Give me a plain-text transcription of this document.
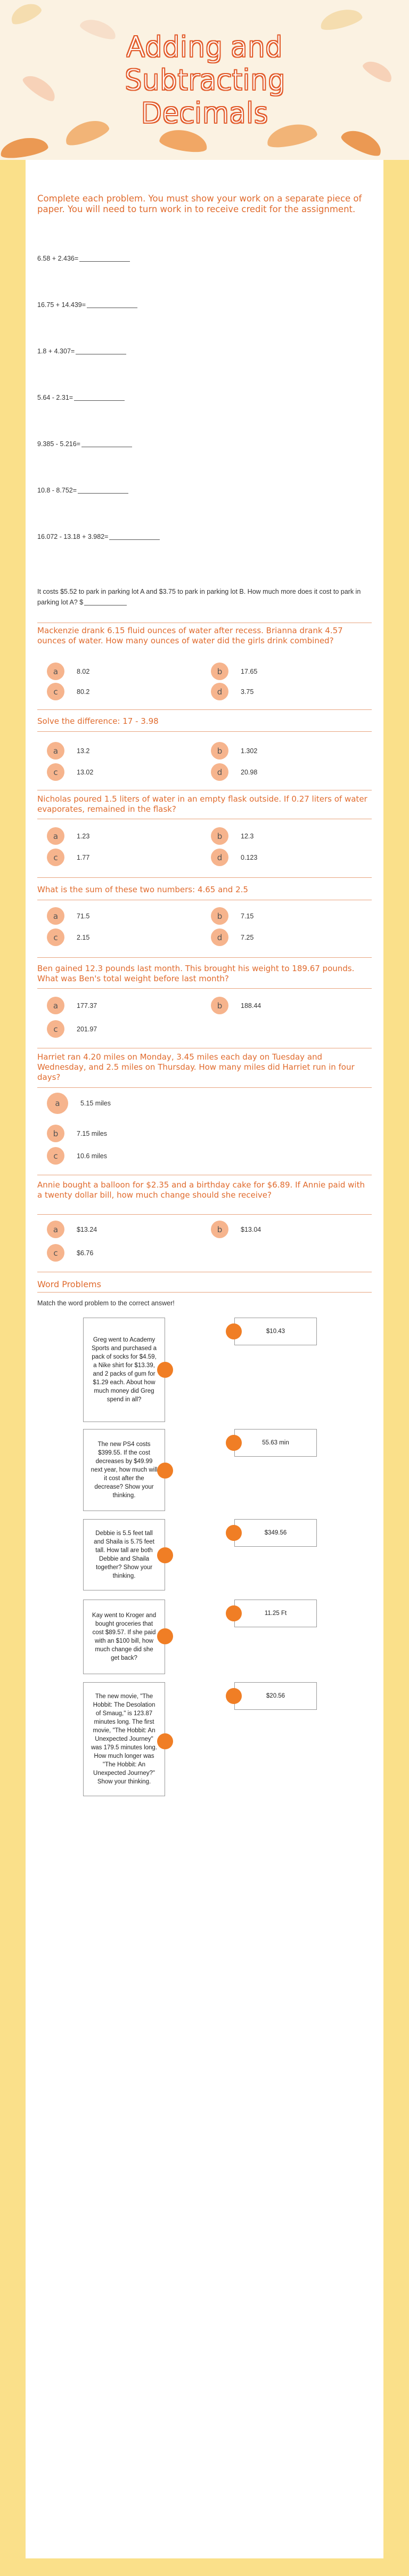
Adding and
Subtracting
Decimals
Complete each problem. You must show your work on a separate piece of paper. You will need to turn work in to receive credit for the assignment.
6.58 + 2.436=
16.75 + 14.439=
1.8 + 4.307=
5.64 - 2.31=
9.385 - 5.216=
10.8 - 8.752=
16.072 - 13.18 + 3.982=
It costs $5.52 to park in parking lot A and $3.75 to park in parking lot B. How much more does it cost to park in parking lot A? $
Mackenzie drank 6.15 fluid ounces of water after recess. Brianna drank 4.57 ounces of water. How many ounces of water did the girls drink combined?
a	8.02	b	17.65
c	80.2	d	3.75
Solve the difference: 17 - 3.98
a	13.2	b	1.302
c	13.02	d	20.98
Nicholas poured 1.5 liters of water in an empty flask outside. If 0.27 liters of water evaporates, remained in the flask?
a	1.23	b	12.3
c	1.77	d	0.123
What is the sum of these two numbers: 4.65 and 2.5
a	71.5	b	7.15
c	2.15	d	7.25
Ben gained 12.3 pounds last month. This brought his weight to 189.67 pounds. What was Ben's total weight before last month?
a	177.37	b	188.44
c	201.97
Harriet ran 4.20 miles on Monday, 3.45 miles each day on Tuesday and Wednesday, and 2.5 miles on Thursday. How many miles did Harriet run in four days?
a	5.15 miles
b	7.15 miles
c	10.6 miles
Annie bought a balloon for $2.35 and a birthday cake for $6.89. If Annie paid with a twenty dollar bill, how much change should she receive?
a	$13.24	b	$13.04
c	$6.76
Word Problems
Match the word problem to the correct answer!
Greg went to Academy Sports and purchased a pack of socks for $4.59, a Nike shirt for $13.39, and 2 packs of gum for $1.29 each. About how much money did Greg spend in all?
$10.43
The new PS4 costs $399.55. If the cost decreases by $49.99 next year, how much will it cost after the decrease? Show your thinking.
55.63 min
Debbie is 5.5 feet tall and Shaila is 5.75 feet tall. How tall are both Debbie and Shaila together? Show your thinking.
$349.56
Kay went to Kroger and bought groceries that cost $89.57. If she paid with an $100 bill, how much change did she get back?
11.25 Ft
The new movie, "The Hobbit: The Desolation of Smaug," is 123.87 minutes long. The first movie, "The Hobbit: An Unexpected Journey" was 179.5 minutes long. How much longer was "The Hobbit: An Unexpected Journey?" Show your thinking.
$20.56
